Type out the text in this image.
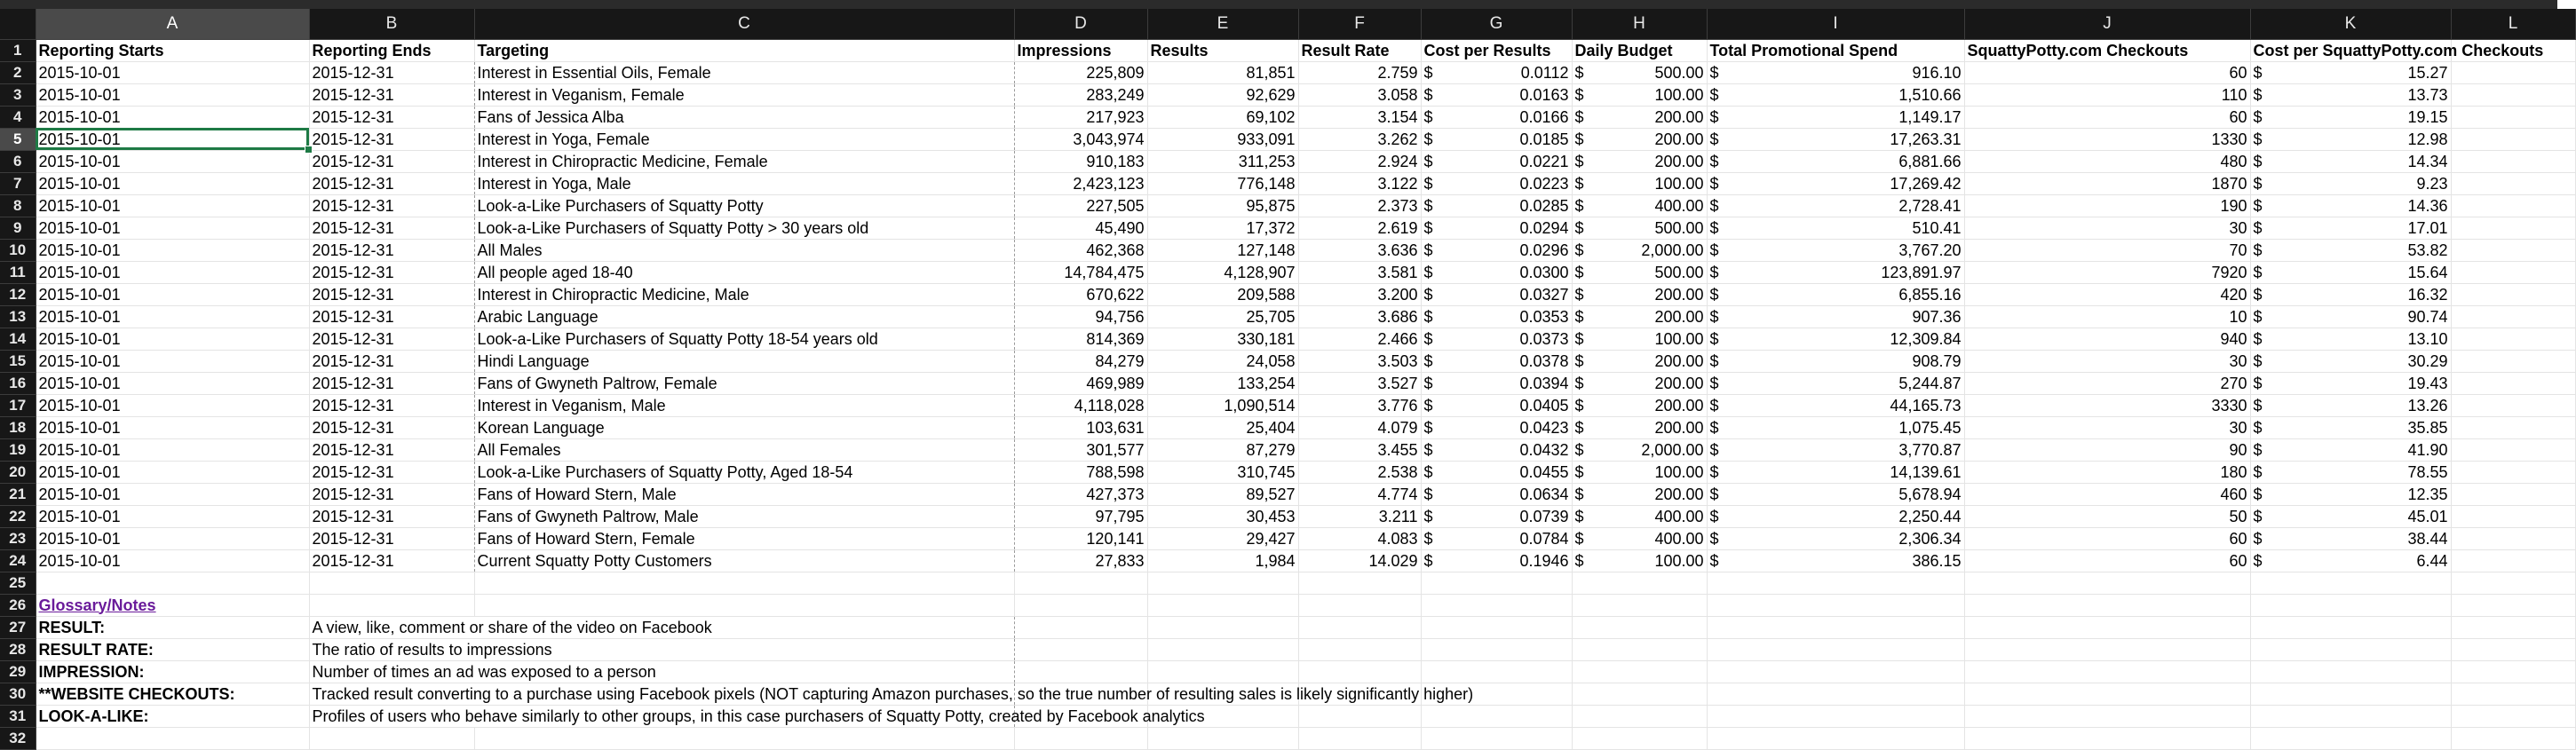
	A	B	C	D	E	F	G	H	I	J	K	L
1	Reporting Starts	Reporting Ends	Targeting	Impressions	Results	Result Rate	Cost per Results	Daily Budget	Total Promotional Spend	SquattyPotty.com Checkouts	Cost per SquattyPotty.com Checkouts	
2	2015-10-01	2015-12-31	Interest in Essential Oils, Female	225,809	81,851	2.759	$ 0.0112	$ 500.00	$ 916.10	60	$ 15.27	

3	2015-10-01	2015-12-31	Interest in Veganism, Female	283,249	92,629	3.058	$ 0.0163	$ 100.00	$ 1,510.66	110	$ 13.73	

4	2015-10-01	2015-12-31	Fans of Jessica Alba	217,923	69,102	3.154	$ 0.0166	$ 200.00	$ 1,149.17	60	$ 19.15	

5	2015-10-01	2015-12-31	Interest in Yoga, Female	3,043,974	933,091	3.262	$ 0.0185	$ 200.00	$ 17,263.31	1330	$ 12.98	

6	2015-10-01	2015-12-31	Interest in Chiropractic Medicine, Female	910,183	311,253	2.924	$ 0.0221	$ 200.00	$ 6,881.66	480	$ 14.34	

7	2015-10-01	2015-12-31	Interest in Yoga, Male	2,423,123	776,148	3.122	$ 0.0223	$ 100.00	$ 17,269.42	1870	$ 9.23	

8	2015-10-01	2015-12-31	Look-a-Like Purchasers of Squatty Potty	227,505	95,875	2.373	$ 0.0285	$ 400.00	$ 2,728.41	190	$ 14.36	

9	2015-10-01	2015-12-31	Look-a-Like Purchasers of Squatty Potty > 30 years old	45,490	17,372	2.619	$ 0.0294	$ 500.00	$ 510.41	30	$ 17.01	

10	2015-10-01	2015-12-31	All Males	462,368	127,148	3.636	$ 0.0296	$ 2,000.00	$ 3,767.20	70	$ 53.82	

11	2015-10-01	2015-12-31	All people aged 18-40	14,784,475	4,128,907	3.581	$ 0.0300	$ 500.00	$ 123,891.97	7920	$ 15.64	

12	2015-10-01	2015-12-31	Interest in Chiropractic Medicine, Male	670,622	209,588	3.200	$ 0.0327	$ 200.00	$ 6,855.16	420	$ 16.32	

13	2015-10-01	2015-12-31	Arabic Language	94,756	25,705	3.686	$ 0.0353	$ 200.00	$ 907.36	10	$ 90.74	

14	2015-10-01	2015-12-31	Look-a-Like Purchasers of Squatty Potty 18-54 years old	814,369	330,181	2.466	$ 0.0373	$ 100.00	$ 12,309.84	940	$ 13.10	

15	2015-10-01	2015-12-31	Hindi Language	84,279	24,058	3.503	$ 0.0378	$ 200.00	$ 908.79	30	$ 30.29	

16	2015-10-01	2015-12-31	Fans of Gwyneth Paltrow, Female	469,989	133,254	3.527	$ 0.0394	$ 200.00	$ 5,244.87	270	$ 19.43	

17	2015-10-01	2015-12-31	Interest in Veganism, Male	4,118,028	1,090,514	3.776	$ 0.0405	$ 200.00	$ 44,165.73	3330	$ 13.26	

18	2015-10-01	2015-12-31	Korean Language	103,631	25,404	4.079	$ 0.0423	$ 200.00	$ 1,075.45	30	$ 35.85	

19	2015-10-01	2015-12-31	All Females	301,577	87,279	3.455	$ 0.0432	$ 2,000.00	$ 3,770.87	90	$ 41.90	

20	2015-10-01	2015-12-31	Look-a-Like Purchasers of Squatty Potty, Aged 18-54	788,598	310,745	2.538	$ 0.0455	$ 100.00	$ 14,139.61	180	$ 78.55	

21	2015-10-01	2015-12-31	Fans of Howard Stern, Male	427,373	89,527	4.774	$ 0.0634	$ 200.00	$ 5,678.94	460	$ 12.35	

22	2015-10-01	2015-12-31	Fans of Gwyneth Paltrow, Male	97,795	30,453	3.211	$ 0.0739	$ 400.00	$ 2,250.44	50	$ 45.01	

23	2015-10-01	2015-12-31	Fans of Howard Stern, Female	120,141	29,427	4.083	$ 0.0784	$ 400.00	$ 2,306.34	60	$ 38.44	

24	2015-10-01	2015-12-31	Current Squatty Potty Customers	27,833	1,984	14.029	$ 0.1946	$ 100.00	$ 386.15	60	$ 6.44	

25												
26	Glossary/Notes											
27	RESULT:	A view, like, comment or share of the video on Facebook										
28	RESULT RATE:	The ratio of results to impressions										
29	IMPRESSION:	Number of times an ad was exposed to a person										
30	**WEBSITE CHECKOUTS:	Tracked result converting to a purchase using Facebook pixels (NOT capturing Amazon purchases, so the true number of resulting sales is likely significantly higher)										
31	LOOK-A-LIKE:	Profiles of users who behave similarly to other groups, in this case purchasers of Squatty Potty, created by Facebook analytics										
32												
